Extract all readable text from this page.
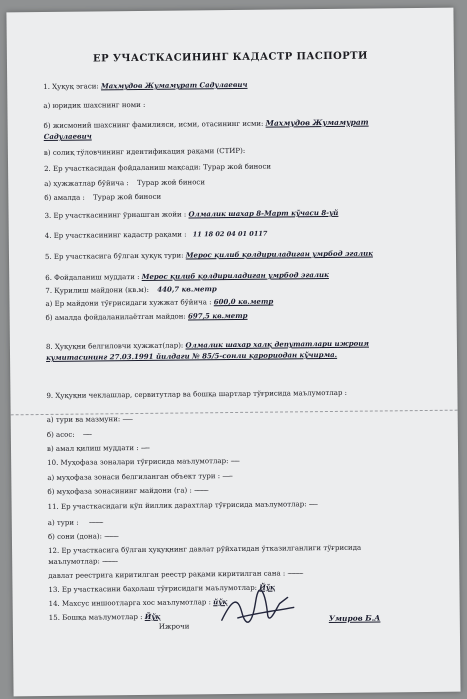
ЕР УЧАСТКАСИНИНГ КАДАСТР ПАСПОРТИ
1. Ҳуқуқ эгаси: Махмудов Жумамурат Садулаевич
а) юридик шахснинг номи :
б) жисмоний шахснинг фамилияси, исми, отасининг исми: Махмудов Жумамурат
Садулаевич
в) солиқ тўловчининг идентификация рақами (СТИР):
2. Ер участкасидан фойдаланиш мақсади: Турар жой биноси
а) ҳужжатлар бўйича : Турар жой биноси
б) амалда : Турар жой биноси
3. Ер участкасининг ўрнашган жойи : Олмалик шахар 8-Март кўчаси 8-уй
4. Ер участкасининг кадастр рақами : 11 18 02 04 01 0117
5. Ер участкасига бўлган ҳуқуқ тури: Мерос қилиб қолдириладиган умрбод эгалик
6. Фойдаланиш муддати : Мерос қилиб қолдириладиган умрбод эгалик
7. Қурилиш майдони (кв.м): 440,7 кв.метр
а) Ер майдони тўғрисидаги хужжат бўйича : 600,0 кв.метр
б) амалда фойдаланилаётган майдон: 697,5 кв.метр
8. Ҳуқуқни белгиловчи ҳужжат(лар): Олмалик шахар халқ депутатлари ижроия
кумитасининг 27.03.1991 йилдаги № 85/5-сонли қарориодан кўчирма.
9. Ҳуқуқни чеклашлар, сервитутлар ва бошқа шартлар тўғрисида маълумотлар :
а) тури ва мазмуни: -------
б) асос: ------
в) амал қилиш муддати : ------
10. Муҳофаза зоналари тўғрисида маълумотлар: ------
а) муҳофаза зонаси белгиланган объект тури : -------
б) муҳофаза зонасининг майдони (га) : ----------
11. Ер участкасидаги кўп йиллик дарахтлар тўғрисида маълумотлар: ------
а) тури : ----------
б) сони (дона): ----------
12. Ер участкасига бўлган ҳуқуқнинг давлат рўйхатидан ўтказилганлиги тўғрисида
маълумотлар: -----------
давлат реестрига киритилган реестр рақами киритилган сана : -----------
13. Ер участкасини баҳолаш тўғрисидаги маълумотлар: Йўқ
14. Махсус иншоотларга хос маълумотлар : йўқ
15. Бошқа маълумотлар : Йўқ
Ижрочи
Умиров Б.А
